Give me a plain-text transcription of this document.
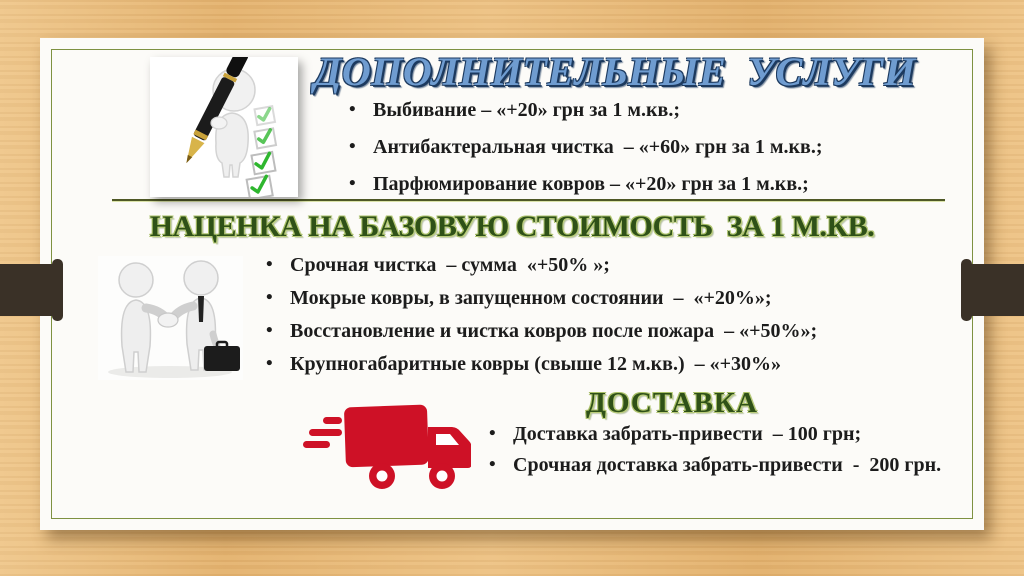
ДОПОЛНИТЕЛЬНЫЕ  УСЛУГИ
• Выбивание – «+20» грн за 1 м.кв.;
• Антибактеральная чистка  – «+60» грн за 1 м.кв.;
• Парфюмирование ковров – «+20» грн за 1 м.кв.;
НАЦЕНКА НА БАЗОВУЮ СТОИМОСТЬ  ЗА 1 М.КВ.
• Срочная чистка  – сумма  «+50% »;
• Мокрые ковры, в запущенном состоянии  –  «+20%»;
• Восстановление и чистка ковров после пожара  – «+50%»;
• Крупногабаритные ковры (свыше 12 м.кв.)  – «+30%»
ДОСТАВКА
• Доставка забрать-привести  – 100 грн;
• Срочная доставка забрать-привести  -  200 грн.
